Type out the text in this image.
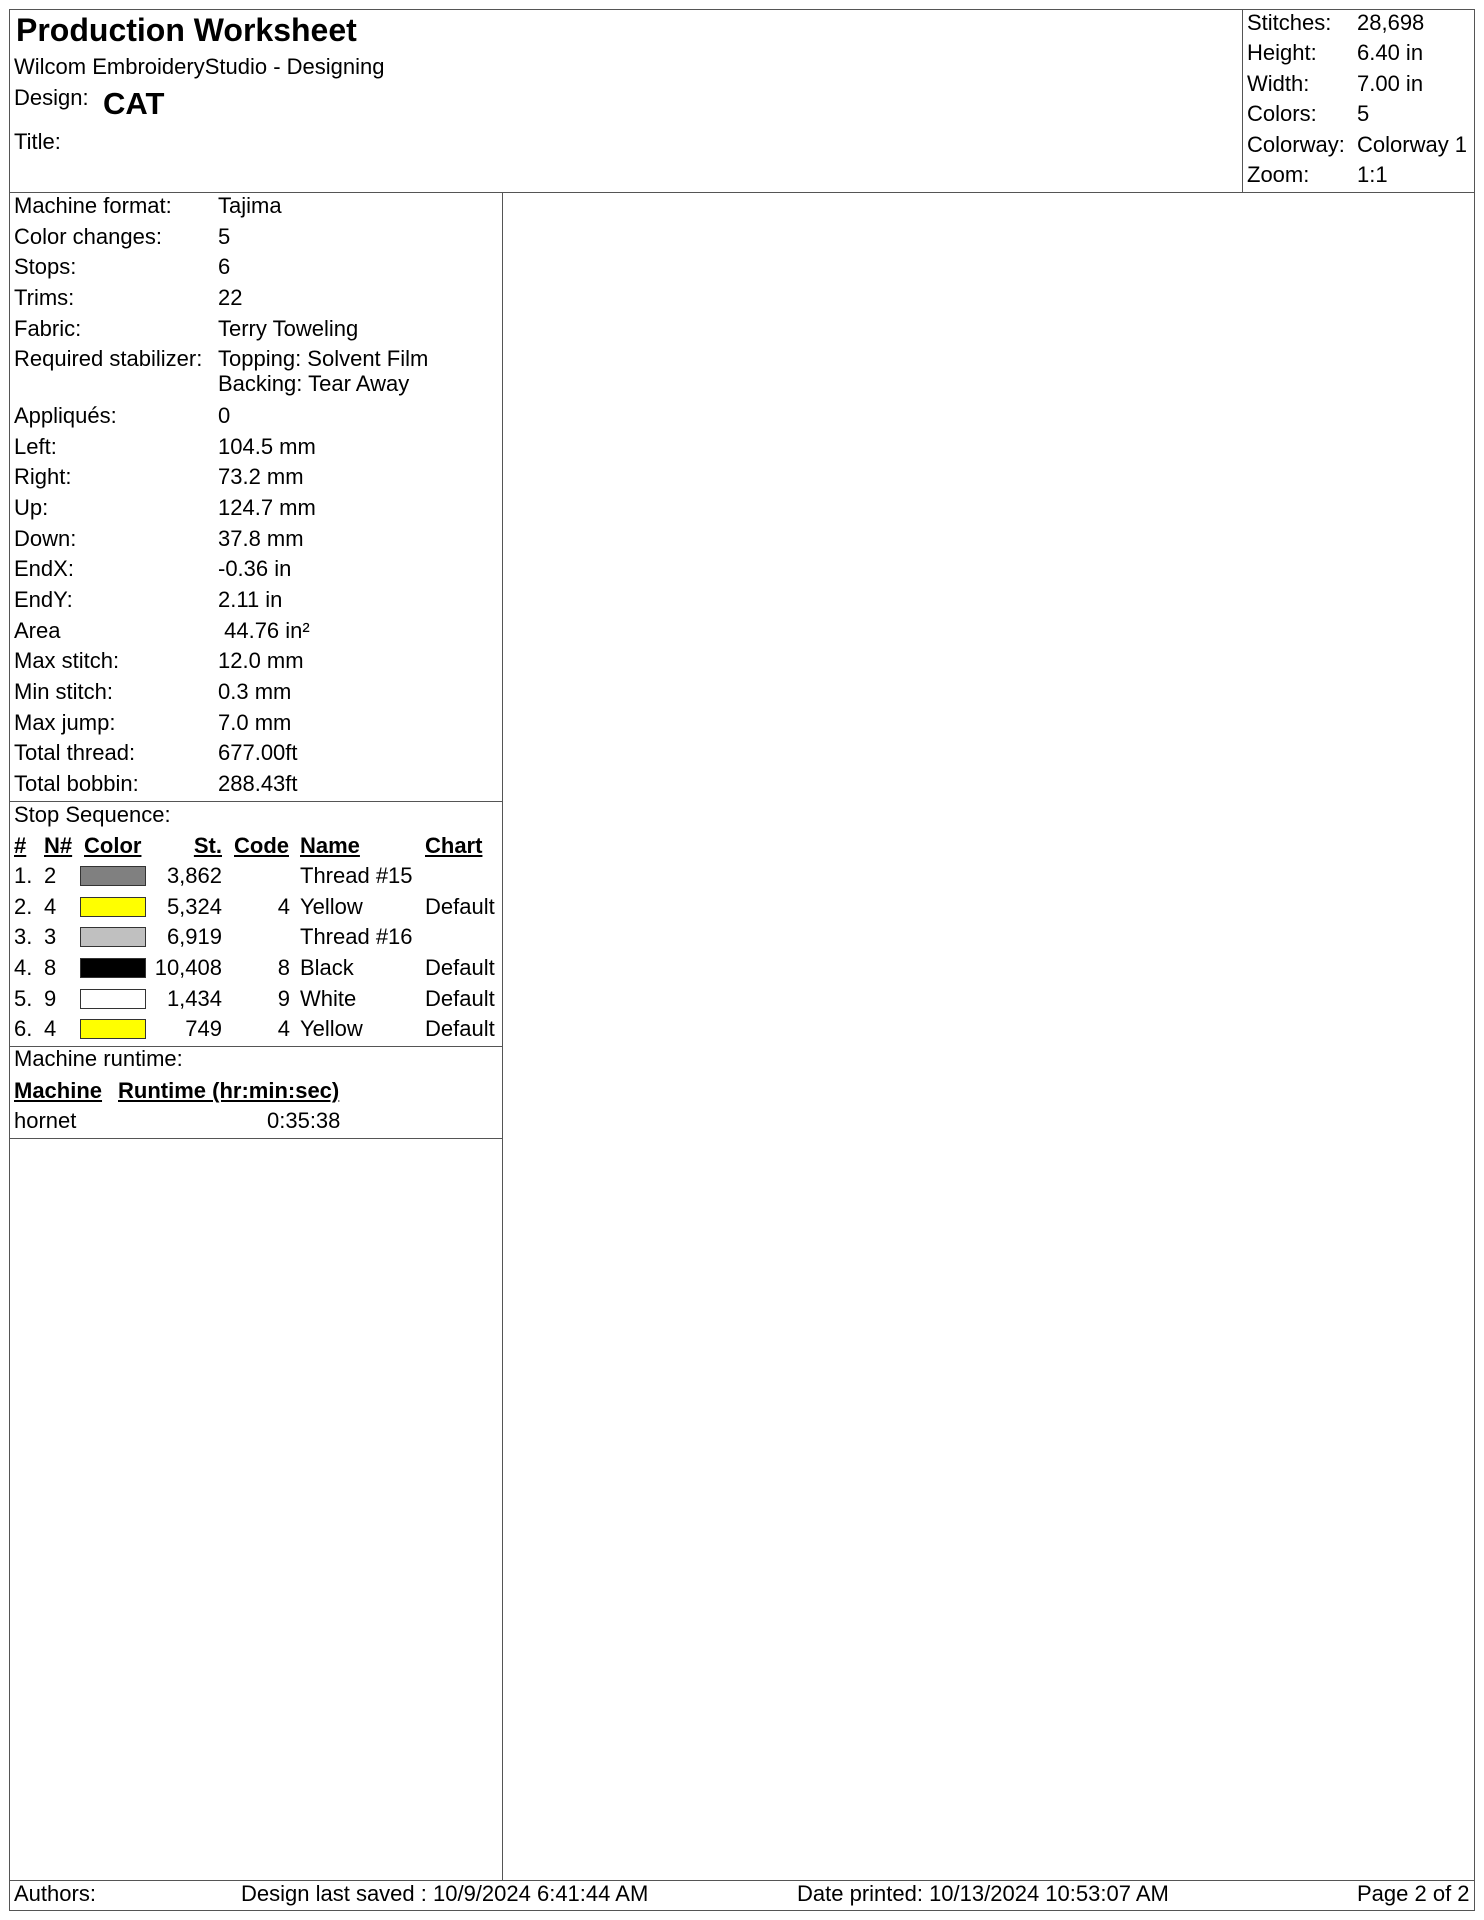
Production Worksheet
Wilcom EmbroideryStudio - Designing
Design: CAT
Title:
Stitches: 28,698
Height: 6.40 in
Width: 7.00 in
Colors: 5
Colorway: Colorway 1
Zoom: 1:1
Machine format: Tajima
Color changes:	5
Stops:	6
Trims:	22
Fabric:	Terry Toweling
Required stabilizer: Topping: Solvent Film
Backing: Tear Away
Appliqués:	0
Left:	104.5 mm
Right:	73.2 mm
Up:	124.7 mm
Down:	37.8 mm
EndX:	-0.36 in
EndY:	2.11 in
Area	44.76 in²
Max stitch:	12.0 mm
Min stitch:	0.3 mm
Max jump:	7.0 mm
Total thread:	677.00ft
Total bobbin:	288.43ft
Stop Sequence:
# N# Color	St. Code Name	Chart
1. 2	3,862	Thread #15
2. 4	5,324	4 Yellow	Default
3. 3	6,919	Thread #16
4. 8	10,408	8 Black	Default
5. 9	1,434	9 White	Default
6. 4	749	4 Yellow	Default
Machine runtime:
Machine Runtime (hr:min:sec)
hornet	0:35:38
Authors:	Design last saved : 10/9/2024 6:41:44 AM	Date printed: 10/13/2024 10:53:07 AM	Page 2 of 2
